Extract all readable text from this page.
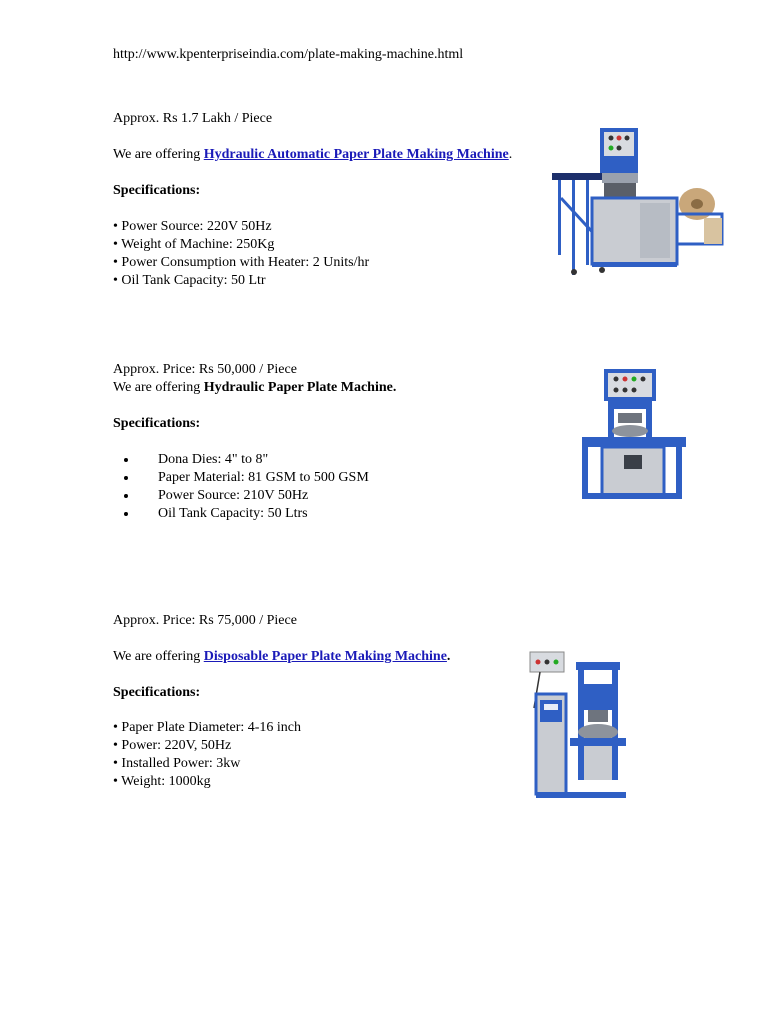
http://www.kpenterpriseindia.com/plate-making-machine.html
Approx. Rs 1.7 Lakh / Piece
We are offering Hydraulic Automatic Paper Plate Making Machine.
Specifications:
• Power Source: 220V 50Hz
• Weight of Machine: 250Kg
• Power Consumption with Heater: 2 Units/hr
• Oil Tank Capacity: 50 Ltr
Approx. Price: Rs 50,000 / Piece
We are offering Hydraulic Paper Plate Machine.
Specifications:
• Dona Dies: 4" to 8"
• Paper Material: 81 GSM to 500 GSM
• Power Source: 210V 50Hz
• Oil Tank Capacity: 50 Ltrs
Approx. Price: Rs 75,000 / Piece
We are offering Disposable Paper Plate Making Machine.
Specifications:
• Paper Plate Diameter: 4-16 inch
• Power: 220V, 50Hz
• Installed Power: 3kw
• Weight: 1000kg
